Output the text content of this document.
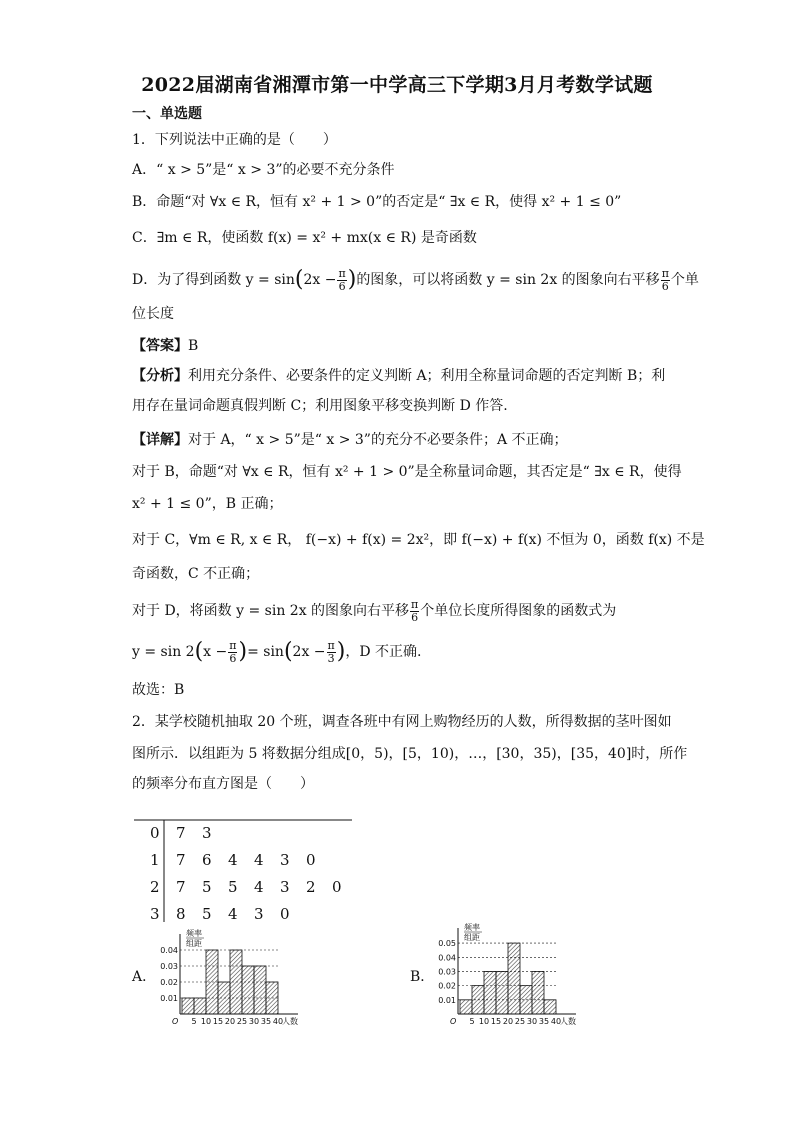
2022届湖南省湘潭市第一中学高三下学期3月月考数学试题
一、单选题
1．下列说法中正确的是（　　）
A．“ x > 5”是“ x > 3”的必要不充分条件
B．命题“对 ∀x ∈ R，恒有 x² + 1 > 0”的否定是“ ∃x ∈ R，使得 x² + 1 ≤ 0”
C．∃m ∈ R，使函数 f(x) = x² + mx(x ∈ R) 是奇函数
D．为了得到函数 $y = \sin(2x - \frac{\pi}{6}$ )的图象，可以将函数 y = sin 2x 的图象向右平移 $\frac{\pi}{6}$ 个单
位长度
【答案】B
【分析】利用充分条件、必要条件的定义判断 A；利用全称量词命题的否定判断 B；利
用存在量词命题真假判断 C；利用图象平移变换判断 D 作答.
【详解】对于 A，“ x > 5”是“ x > 3”的充分不必要条件；A 不正确；
对于 B，命题“对 ∀x ∈ R，恒有 x² + 1 > 0”是全称量词命题，其否定是“ ∃x ∈ R，使得
x² + 1 ≤ 0”，B 正确；
对于 C，∀m ∈ R, x ∈ R， f(−x) + f(x) = 2x²，即 f(−x) + f(x) 不恒为 0，函数 f(x) 不是
奇函数，C 不正确；
对于 D，将函数 y = sin 2x 的图象向右平移 $\frac{\pi}{6}$ 个单位长度所得图象的函数式为
$y = \sin 2(x - \frac{\pi}{6}$ )= $\sin(2x - \frac{\pi}{3}$ )，D 不正确.
故选：B
2．某学校随机抽取 20 个班，调查各班中有网上购物经历的人数，所得数据的茎叶图如
图所示．以组距为 5 将数据分组成[0，5)，[5，10)，…，[30，35)，[35，40]时，所作
的频率分布直方图是（　　）
0 7 3
1 7 6 4 4 3 0
2 7 5 5 4 3 2 0
3 8 5 4 3 0
A．
0.01
0.02
0.03
0.04
5 10 15 20 25 30 35 40
O	人数
频率
组距
B．
0.01
0.02
0.03
0.04
0.05
5 10 15 20 25 30 35 40
O	人数
频率
组距
